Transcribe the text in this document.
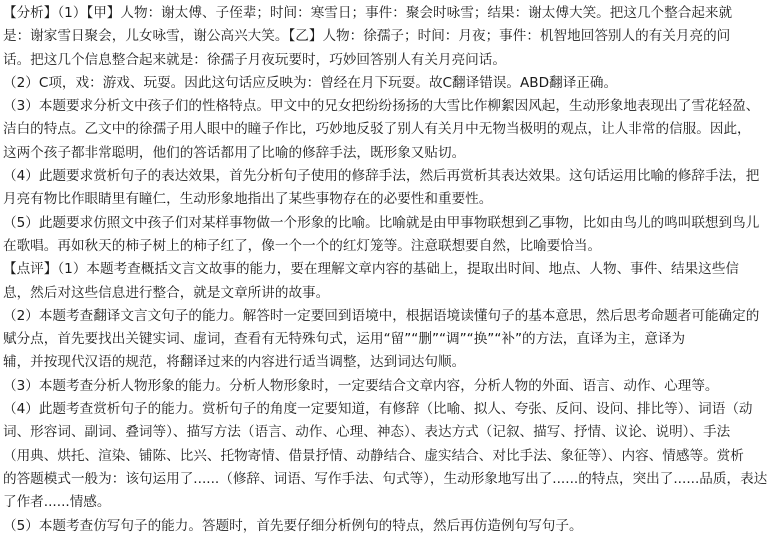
【分析】（1）【甲】人物：谢太傅、子侄辈；时间：寒雪日；事件：聚会时咏雪；结果：谢太傅大笑。把这几个整合起来就
是：谢家雪日聚会，儿女咏雪，谢公高兴大笑。【乙】人物：徐孺子；时间：月夜；事件：机智地回答别人的有关月亮的问
话。把这几个信息整合起来就是：徐孺子月夜玩要时，巧妙回答别人有关月亮问话。
（2）C项，戏：游戏、玩耍。因此这句话应反映为：曾经在月下玩耍。故C翻译错误。ABD翻译正确。
（3）本题要求分析文中孩子们的性格特点。甲文中的兄女把纷纷扬扬的大雪比作柳絮因风起，生动形象地表现出了雪花轻盈、
洁白的特点。乙文中的徐孺子用人眼中的瞳子作比，巧妙地反驳了别人有关月中无物当极明的观点，让人非常的信服。因此，
这两个孩子都非常聪明，他们的答话都用了比喻的修辞手法，既形象又贴切。
（4）此题要求赏析句子的表达效果，首先分析句子使用的修辞手法，然后再赏析其表达效果。这句话运用比喻的修辞手法，把
月亮有物比作眼睛里有瞳仁，生动形象地指出了某些事物存在的必要性和重要性。
（5）此题要求仿照文中孩子们对某样事物做一个形象的比喻。比喻就是由甲事物联想到乙事物，比如由鸟儿的鸣叫联想到鸟儿
在歌唱。再如秋天的柿子树上的柿子红了，像一个一个的红灯笼等。注意联想要自然，比喻要恰当。
【点评】（1）本题考查概括文言文故事的能力，要在理解文章内容的基础上，提取出时间、地点、人物、事件、结果这些信
息，然后对这些信息进行整合，就是文章所讲的故事。
（2）本题考查翻译文言文句子的能力。解答时一定要回到语境中，根据语境读懂句子的基本意思，然后思考命题者可能确定的
赋分点，首先要找出关键实词、虚词，查看有无特殊句式，运用“留”“删”“调”“换”“补”的方法，直译为主，意译为
辅，并按现代汉语的规范，将翻译过来的内容进行适当调整，达到词达句顺。
（3）本题考查分析人物形象的能力。分析人物形象时，一定要结合文章内容，分析人物的外面、语言、动作、心理等。
（4）此题考查赏析句子的能力。赏析句子的角度一定要知道，有修辞（比喻、拟人、夸张、反问、设问、排比等）、词语（动
词、形容词、副词、叠词等）、描写方法（语言、动作、心理、神态）、表达方式（记叙、描写、抒情、议论、说明）、手法
（用典、烘托、渲染、铺陈、比兴、托物寄情、借景抒情、动静结合、虚实结合、对比手法、象征等）、内容、情感等。赏析
的答题模式一般为：该句运用了......（修辞、词语、写作手法、句式等），生动形象地写出了......的特点，突出了......品质，表达
了作者......情感。
（5）本题考查仿写句子的能力。答题时，首先要仔细分析例句的特点，然后再仿造例句写句子。
